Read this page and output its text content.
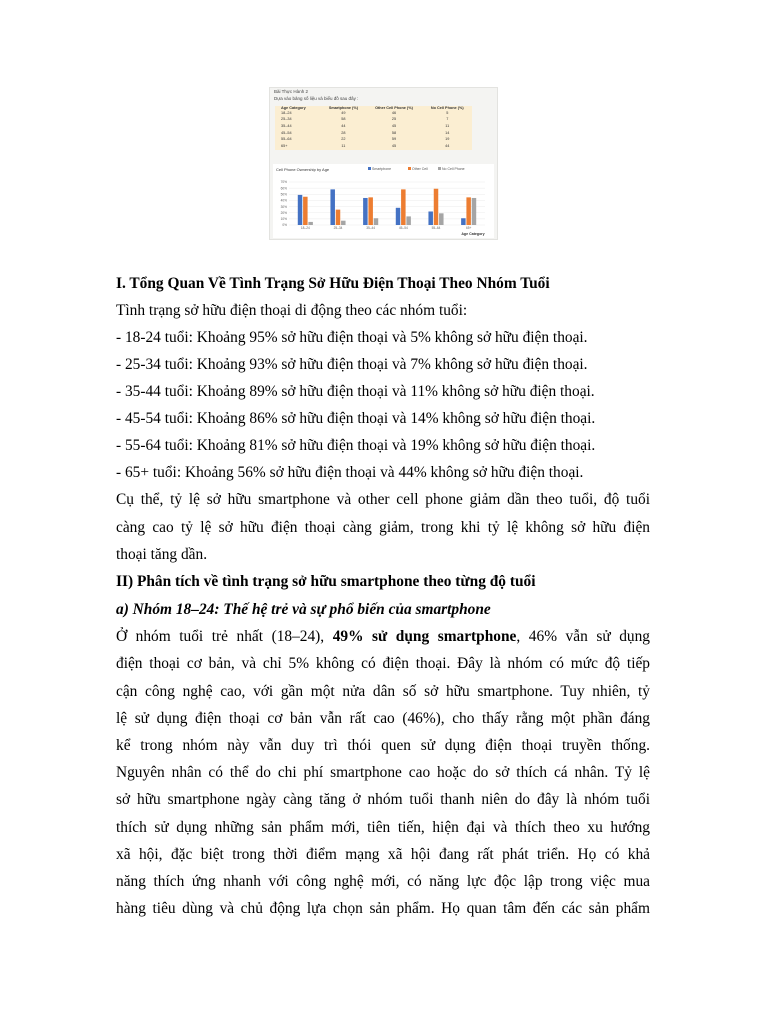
Bài Thực Hành 2
Dựa vào bảng số liệu và biểu đồ sau đây :
Age Category	Smartphone (%)	Other Cell Phone (%)	No Cell Phone (%)
18–24	49	46	5
25–34	58	25	7
35–44	44	45	11
45–54	28	58	14
55–64	22	59	19
65+	11	45	44
Cell Phone Ownership by Age	Smartphone	Other Cell	No Cell Phone
0%
10%
20%
30%
40%
50%
60%
70%
18–24	25–34	35–44	45–54	55–64	65+
Age Category
I. Tổng Quan Về Tình Trạng Sở Hữu Điện Thoại Theo Nhóm Tuổi
Tình trạng sở hữu điện thoại di động theo các nhóm tuổi:
- 18-24 tuổi: Khoảng 95% sở hữu điện thoại và 5% không sở hữu điện thoại.
- 25-34 tuổi: Khoảng 93% sở hữu điện thoại và 7% không sở hữu điện thoại.
- 35-44 tuổi: Khoảng 89% sở hữu điện thoại và 11% không sở hữu điện thoại.
- 45-54 tuổi: Khoảng 86% sở hữu điện thoại và 14% không sở hữu điện thoại.
- 55-64 tuổi: Khoảng 81% sở hữu điện thoại và 19% không sở hữu điện thoại.
- 65+ tuổi: Khoảng 56% sở hữu điện thoại và 44% không sở hữu điện thoại.
Cụ thể, tỷ lệ sở hữu smartphone và other cell phone giảm dần theo tuổi, độ tuổi
càng cao tỷ lệ sở hữu điện thoại càng giảm, trong khi tỷ lệ không sở hữu điện
thoại tăng dần.
II) Phân tích về tình trạng sở hữu smartphone theo từng độ tuổi
a) Nhóm 18–24: Thế hệ trẻ và sự phổ biến của smartphone
Ở nhóm tuổi trẻ nhất (18–24), 49% sử dụng smartphone, 46% vẫn sử dụng
điện thoại cơ bản, và chỉ 5% không có điện thoại. Đây là nhóm có mức độ tiếp
cận công nghệ cao, với gần một nửa dân số sở hữu smartphone. Tuy nhiên, tỷ
lệ sử dụng điện thoại cơ bản vẫn rất cao (46%), cho thấy rằng một phần đáng
kể trong nhóm này vẫn duy trì thói quen sử dụng điện thoại truyền thống.
Nguyên nhân có thể do chi phí smartphone cao hoặc do sở thích cá nhân. Tỷ lệ
sở hữu smartphone ngày càng tăng ở nhóm tuổi thanh niên do đây là nhóm tuổi
thích sử dụng những sản phẩm mới, tiên tiến, hiện đại và thích theo xu hướng
xã hội, đặc biệt trong thời điểm mạng xã hội đang rất phát triển. Họ có khả
năng thích ứng nhanh với công nghệ mới, có năng lực độc lập trong việc mua
hàng tiêu dùng và chủ động lựa chọn sản phẩm. Họ quan tâm đến các sản phẩm
